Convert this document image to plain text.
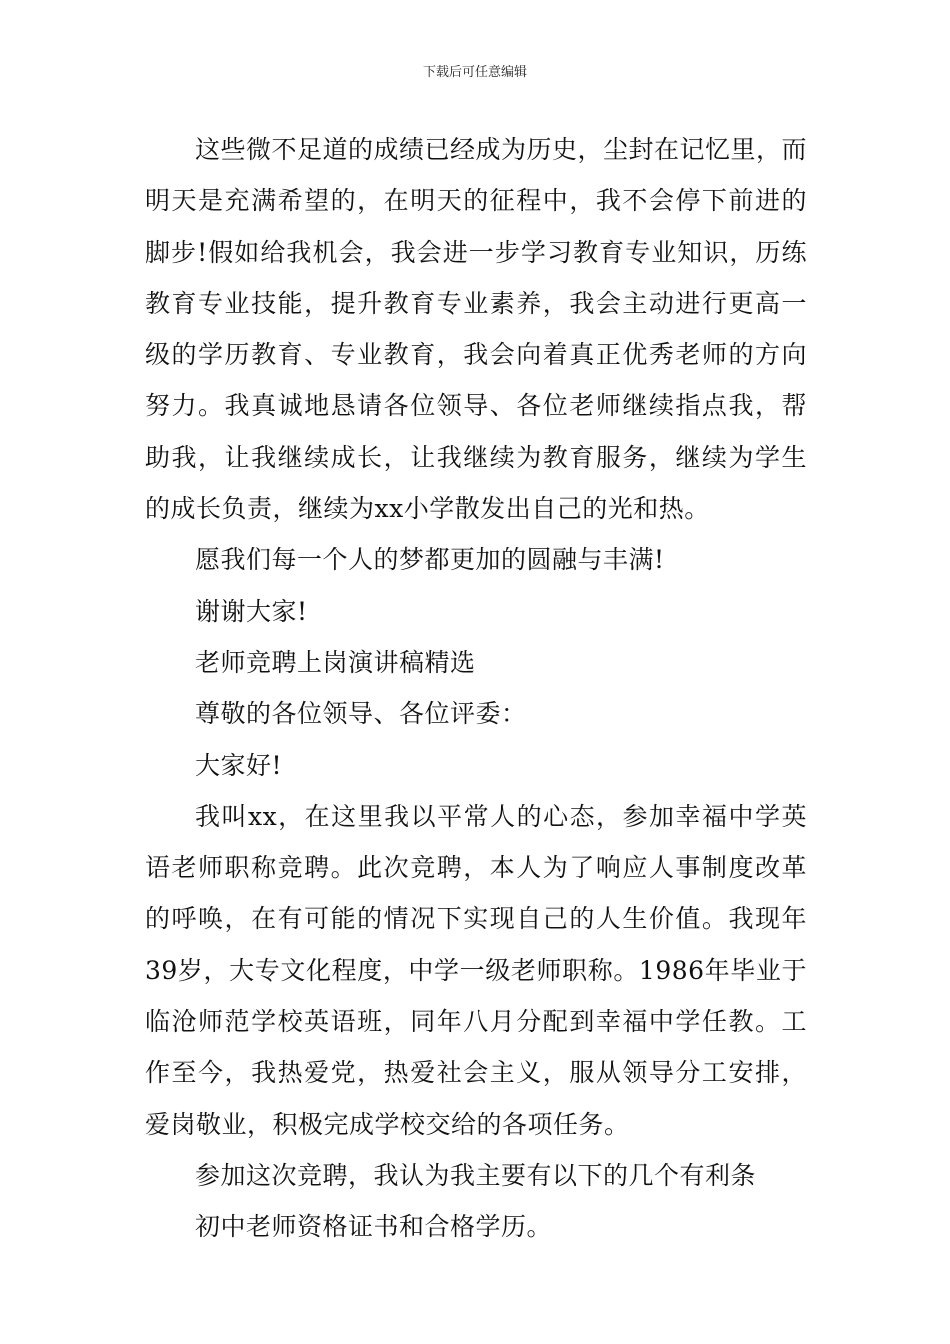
下载后可任意编辑

这些微不足道的成绩已经成为历史，尘封在记忆里，而明天是充满希望的，在明天的征程中，我不会停下前进的脚步!假如给我机会，我会进一步学习教育专业知识，历练教育专业技能，提升教育专业素养，我会主动进行更高一级的学历教育、专业教育，我会向着真正优秀老师的方向努力。我真诚地恳请各位领导、各位老师继续指点我，帮助我，让我继续成长，让我继续为教育服务，继续为学生的成长负责，继续为xx小学散发出自己的光和热。

愿我们每一个人的梦都更加的圆融与丰满!

谢谢大家!

老师竞聘上岗演讲稿精选

尊敬的各位领导、各位评委：

大家好!

我叫xx，在这里我以平常人的心态，参加幸福中学英语老师职称竞聘。此次竞聘，本人为了响应人事制度改革的呼唤，在有可能的情况下实现自己的人生价值。我现年39岁，大专文化程度，中学一级老师职称。1986年毕业于临沧师范学校英语班，同年八月分配到幸福中学任教。工作至今，我热爱党，热爱社会主义，服从领导分工安排，爱岗敬业，积极完成学校交给的各项任务。

参加这次竞聘，我认为我主要有以下的几个有利条

初中老师资格证书和合格学历。
